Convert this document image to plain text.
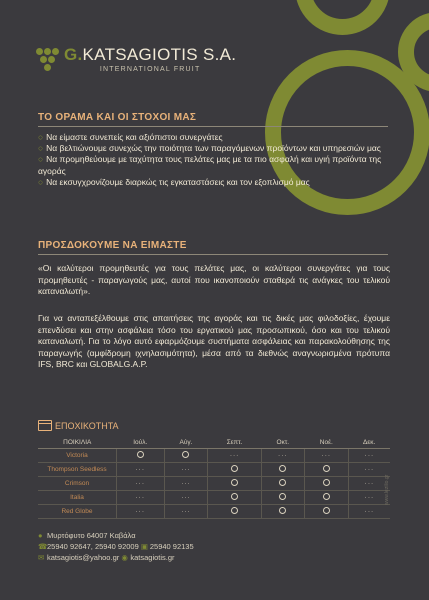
G.KATSAGIOTIS S.A.
INTERNATIONAL FRUIT
ΤΟ ΟΡΑΜΑ ΚΑΙ ΟΙ ΣΤΟΧΟΙ ΜΑΣ
○ Να είμαστε συνεπείς και αξιόπιστοι συνεργάτες
○ Να βελτιώνουμε συνεχώς την ποιότητα των παραγόμενων προϊόντων και υπηρεσιών μας
○ Να προμηθεύουμε με ταχύτητα τους πελάτες μας με τα πιο ασφαλή και υγιή προϊόντα της αγοράς
○ Να εκσυγχρονίζουμε διαρκώς τις εγκαταστάσεις και τον εξοπλισμό μας
ΠΡΟΣΔΟΚΟΥΜΕ ΝΑ ΕΙΜΑΣΤΕ
«Οι καλύτεροι προμηθευτές για τους πελάτες μας, οι καλύτεροι συνεργάτες για τους προμηθευτές - παραγωγούς μας, αυτοί που ικανοποιούν σταθερά τις ανάγκες του τελικού καταναλωτή».
Για να ανταπεξέλθουμε στις απαιτήσεις της αγοράς και τις δικές μας φιλοδοξίες, έχουμε επενδύσει και στην ασφάλεια τόσο του εργατικού μας προσωπικού, όσο και του τελικού καταναλωτή. Για το λόγο αυτό εφαρμόζουμε συστήματα ασφάλειας και παρακολούθησης της παραγωγής (αμφίδρομη ιχνηλασιμότητα), μέσα από τα διεθνώς αναγνωρισμένα πρότυπα IFS, BRC και GLOBALG.A.P.
ΕΠΟΧΙΚΟΤΗΤΑ
ΠΟΙΚΙΛΙΑ	Ιούλ.	Αύγ.	Σεπτ.	Οκτ.	Νοέ.	Δεκ.
Victoria			···	···	···	···
Thompson Seedless	···	···				···
Crimson	···	···				···
Italia	···	···				···
Red Globe	···	···				···
● Μυρτόφυτο 64007 Καβάλα
☎25940 92647, 25940 92009 ▣ 25940 92135
✉ katsagiotis@yahoo.gr ◉ katsagiotis.gr
www.lezilio.gr
